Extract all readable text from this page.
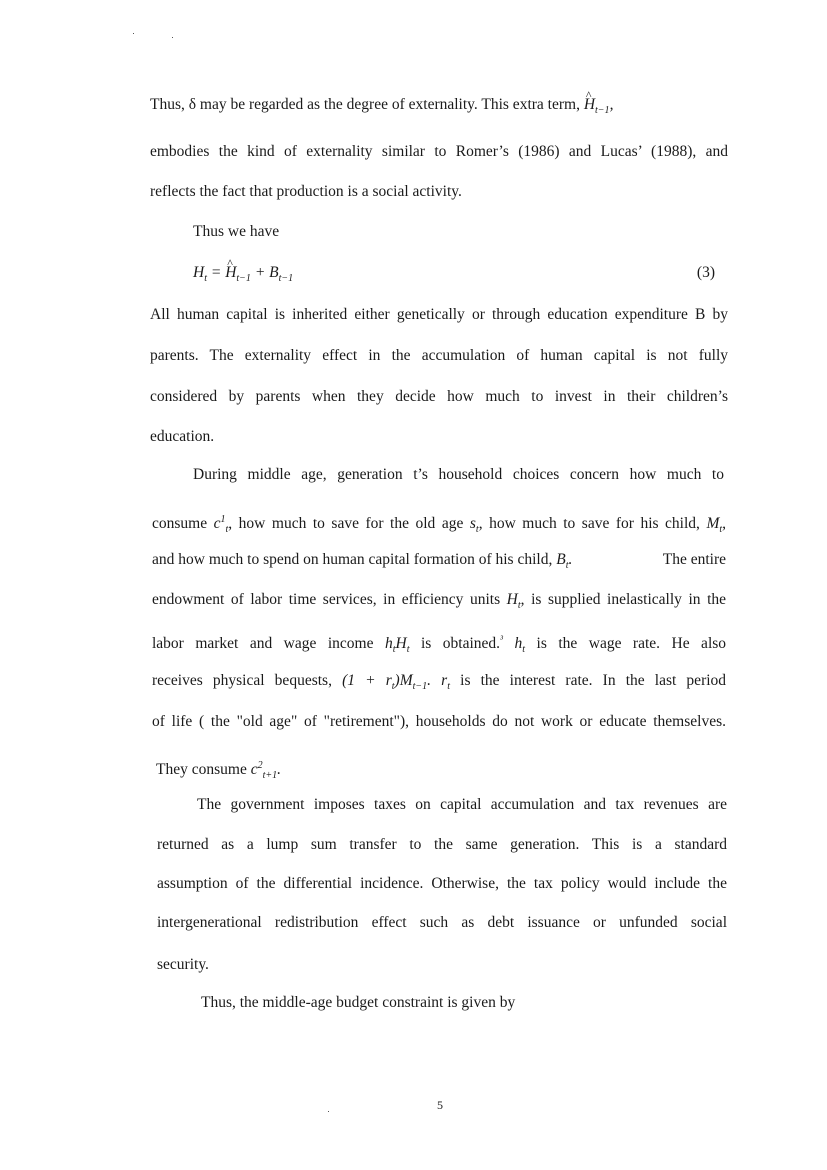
Thus, δ may be regarded as the degree of externality. This extra term, ^ $H_{t-1}$,
embodies the kind of externality similar to Romer’s (1986) and Lucas’ (1988), and
reflects the fact that production is a social activity.
Thus we have
$H_t$ = ^ $H_{t-1} + B_{t-1}$	(3)
All human capital is inherited either genetically or through education expenditure B by
parents. The externality effect in the accumulation of human capital is not fully
considered by parents when they decide how much to invest in their children’s
education.
During middle age, generation t’s household choices concern how much to
consume $c^1_t$, how much to save for the old age $s_t$, how much to save for his child, $M_t$,
and how much to spend on human capital formation of his child, $B_t$.	The entire
endowment of labor time services, in efficiency units $H_t$, is supplied inelastically in the
labor market and wage income $h_tH_t$ is obtained.$^{^3}$ $h_t$ is the wage rate. He also
receives physical bequests, $(1 + r_t)M_{t-1}$. $r_t$ is the interest rate. In the last period
of life ( the "old age" of "retirement"), households do not work or educate themselves.
They consume $c^2_{t+1}$.
The government imposes taxes on capital accumulation and tax revenues are
returned as a lump sum transfer to the same generation. This is a standard
assumption of the differential incidence. Otherwise, the tax policy would include the
intergenerational redistribution effect such as debt issuance or unfunded social
security.
Thus, the middle-age budget constraint is given by
5
